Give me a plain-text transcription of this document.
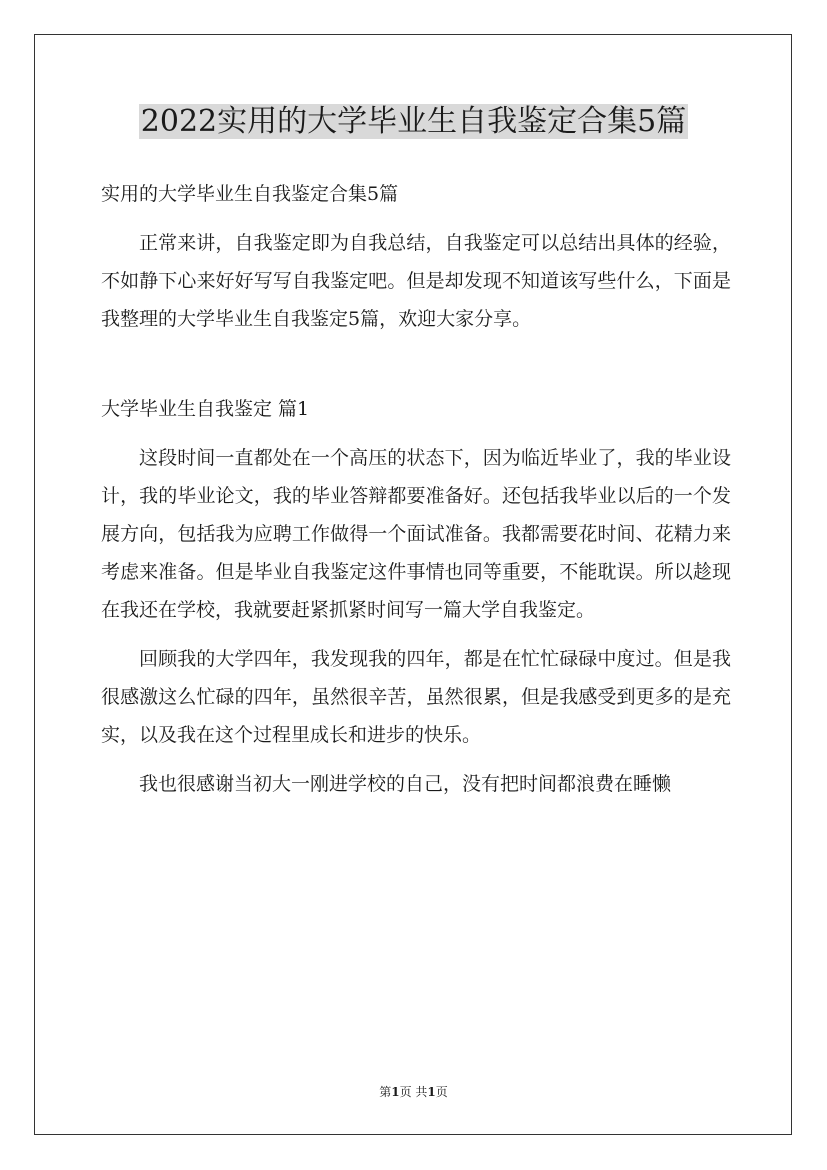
2022实用的大学毕业生自我鉴定合集5篇

实用的大学毕业生自我鉴定合集5篇

正常来讲，自我鉴定即为自我总结，自我鉴定可以总结出具体的经验，不如静下心来好好写写自我鉴定吧。但是却发现不知道该写些什么，下面是我整理的大学毕业生自我鉴定5篇，欢迎大家分享。

大学毕业生自我鉴定 篇1

这段时间一直都处在一个高压的状态下，因为临近毕业了，我的毕业设计，我的毕业论文，我的毕业答辩都要准备好。还包括我毕业以后的一个发展方向，包括我为应聘工作做得一个面试准备。我都需要花时间、花精力来考虑来准备。但是毕业自我鉴定这件事情也同等重要，不能耽误。所以趁现在我还在学校，我就要赶紧抓紧时间写一篇大学自我鉴定。

回顾我的大学四年，我发现我的四年，都是在忙忙碌碌中度过。但是我很感激这么忙碌的四年，虽然很辛苦，虽然很累，但是我感受到更多的是充实，以及我在这个过程里成长和进步的快乐。

我也很感谢当初大一刚进学校的自己，没有把时间都浪费在睡懒

第1页 共1页
